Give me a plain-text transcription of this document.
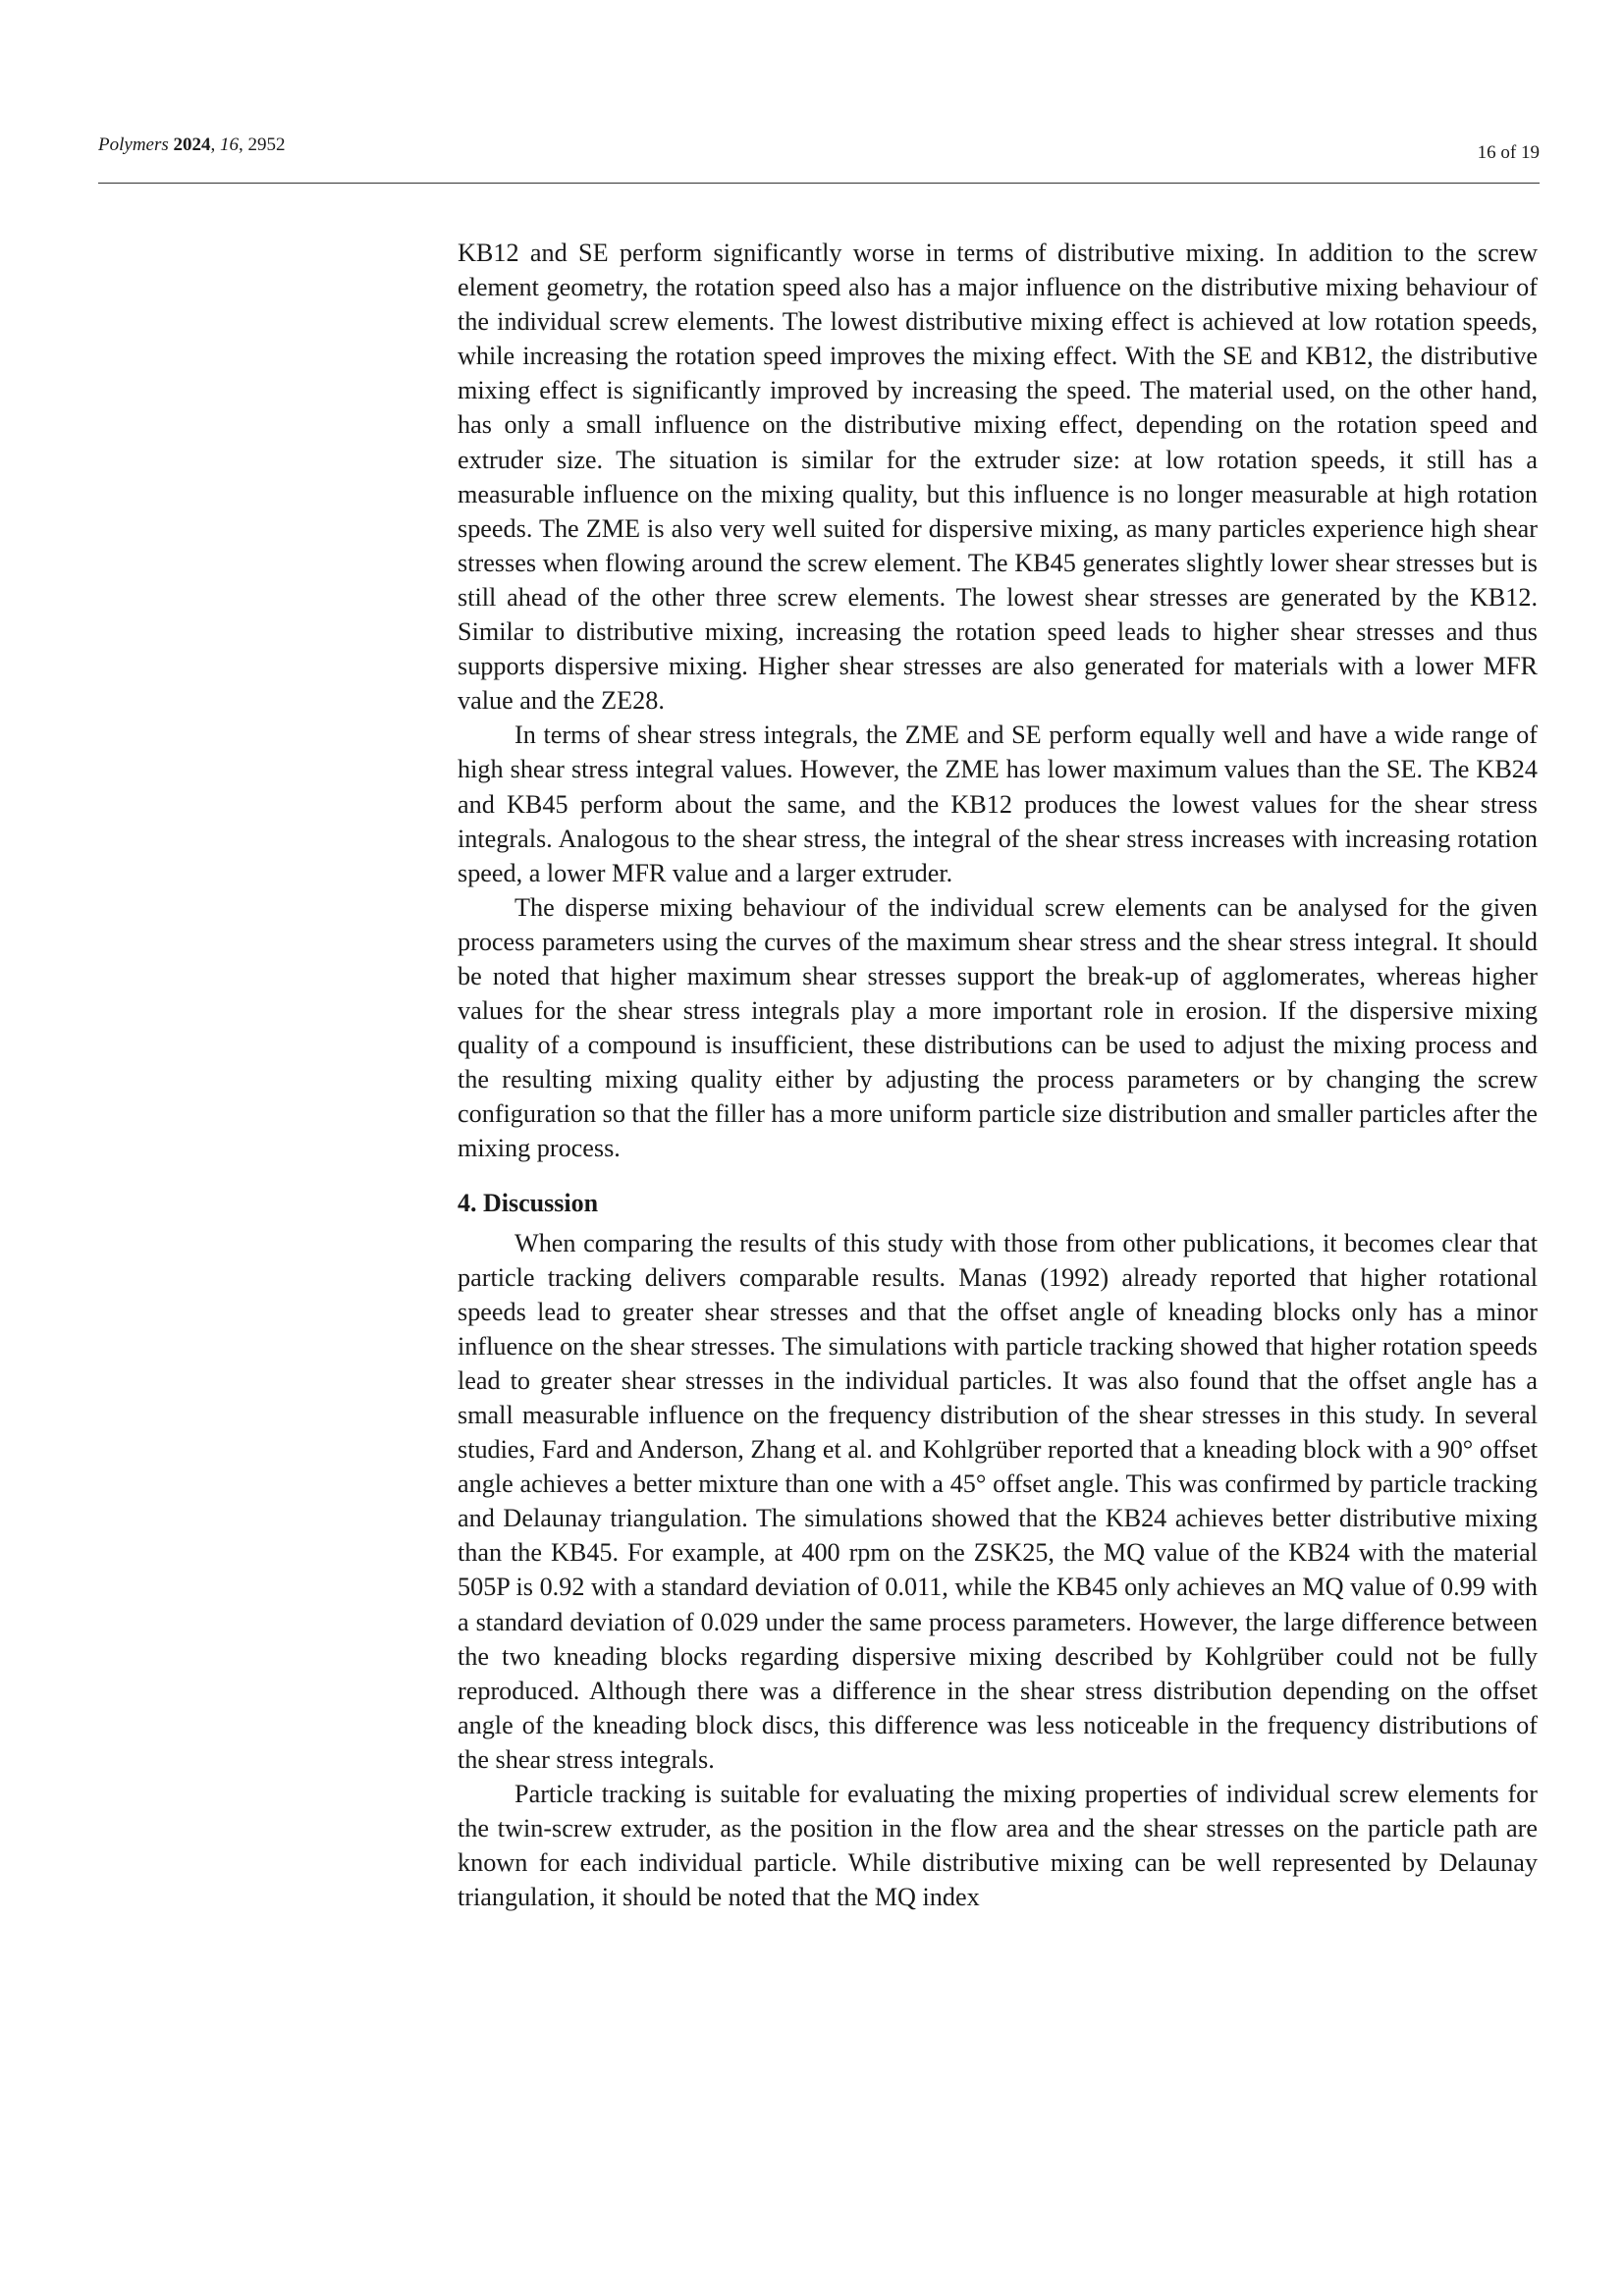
Polymers 2024, 16, 2952	16 of 19

KB12 and SE perform significantly worse in terms of distributive mixing. In addition to the screw element geometry, the rotation speed also has a major influence on the distributive mixing behaviour of the individual screw elements. The lowest distributive mixing effect is achieved at low rotation speeds, while increasing the rotation speed improves the mixing effect. With the SE and KB12, the distributive mixing effect is significantly improved by increasing the speed. The material used, on the other hand, has only a small influence on the distributive mixing effect, depending on the rotation speed and extruder size. The situation is similar for the extruder size: at low rotation speeds, it still has a measurable influence on the mixing quality, but this influence is no longer measurable at high rotation speeds. The ZME is also very well suited for dispersive mixing, as many particles experience high shear stresses when flowing around the screw element. The KB45 generates slightly lower shear stresses but is still ahead of the other three screw elements. The lowest shear stresses are generated by the KB12. Similar to distributive mixing, increasing the rotation speed leads to higher shear stresses and thus supports dispersive mixing. Higher shear stresses are also generated for materials with a lower MFR value and the ZE28.

In terms of shear stress integrals, the ZME and SE perform equally well and have a wide range of high shear stress integral values. However, the ZME has lower maximum values than the SE. The KB24 and KB45 perform about the same, and the KB12 produces the lowest values for the shear stress integrals. Analogous to the shear stress, the integral of the shear stress increases with increasing rotation speed, a lower MFR value and a larger extruder.

The disperse mixing behaviour of the individual screw elements can be analysed for the given process parameters using the curves of the maximum shear stress and the shear stress integral. It should be noted that higher maximum shear stresses support the break-up of agglomerates, whereas higher values for the shear stress integrals play a more important role in erosion. If the dispersive mixing quality of a compound is insufficient, these distributions can be used to adjust the mixing process and the resulting mixing quality either by adjusting the process parameters or by changing the screw configuration so that the filler has a more uniform particle size distribution and smaller particles after the mixing process.

4. Discussion

When comparing the results of this study with those from other publications, it becomes clear that particle tracking delivers comparable results. Manas (1992) already reported that higher rotational speeds lead to greater shear stresses and that the offset angle of kneading blocks only has a minor influence on the shear stresses. The simulations with particle tracking showed that higher rotation speeds lead to greater shear stresses in the individual particles. It was also found that the offset angle has a small measurable influence on the frequency distribution of the shear stresses in this study. In several studies, Fard and Anderson, Zhang et al. and Kohlgrüber reported that a kneading block with a 90° offset angle achieves a better mixture than one with a 45° offset angle. This was confirmed by particle tracking and Delaunay triangulation. The simulations showed that the KB24 achieves better distributive mixing than the KB45. For example, at 400 rpm on the ZSK25, the MQ value of the KB24 with the material 505P is 0.92 with a standard deviation of 0.011, while the KB45 only achieves an MQ value of 0.99 with a standard deviation of 0.029 under the same process parameters. However, the large difference between the two kneading blocks regarding dispersive mixing described by Kohlgrüber could not be fully reproduced. Although there was a difference in the shear stress distribution depending on the offset angle of the kneading block discs, this difference was less noticeable in the frequency distributions of the shear stress integrals.

Particle tracking is suitable for evaluating the mixing properties of individual screw elements for the twin-screw extruder, as the position in the flow area and the shear stresses on the particle path are known for each individual particle. While distributive mixing can be well represented by Delaunay triangulation, it should be noted that the MQ index
